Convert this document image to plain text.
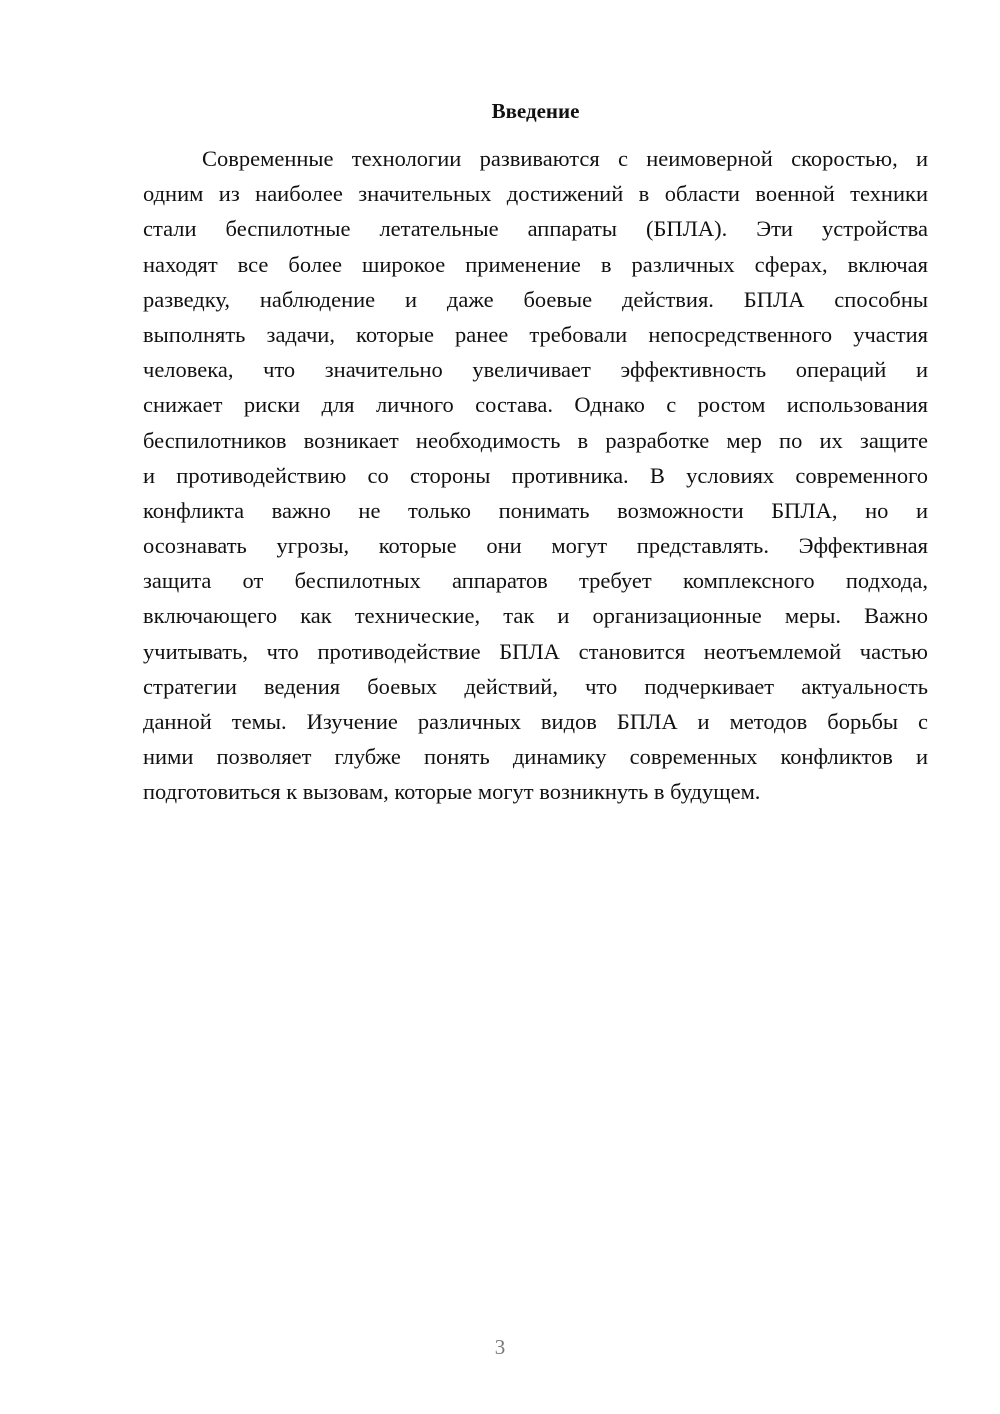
Введение
Современные технологии развиваются с неимоверной скоростью, и
одним из наиболее значительных достижений в области военной техники
стали беспилотные летательные аппараты (БПЛА). Эти устройства
находят все более широкое применение в различных сферах, включая
разведку, наблюдение и даже боевые действия. БПЛА способны
выполнять задачи, которые ранее требовали непосредственного участия
человека, что значительно увеличивает эффективность операций и
снижает риски для личного состава. Однако с ростом использования
беспилотников возникает необходимость в разработке мер по их защите
и противодействию со стороны противника. В условиях современного
конфликта важно не только понимать возможности БПЛА, но и
осознавать угрозы, которые они могут представлять. Эффективная
защита от беспилотных аппаратов требует комплексного подхода,
включающего как технические, так и организационные меры. Важно
учитывать, что противодействие БПЛА становится неотъемлемой частью
стратегии ведения боевых действий, что подчеркивает актуальность
данной темы. Изучение различных видов БПЛА и методов борьбы с
ними позволяет глубже понять динамику современных конфликтов и
подготовиться к вызовам, которые могут возникнуть в будущем.
3
